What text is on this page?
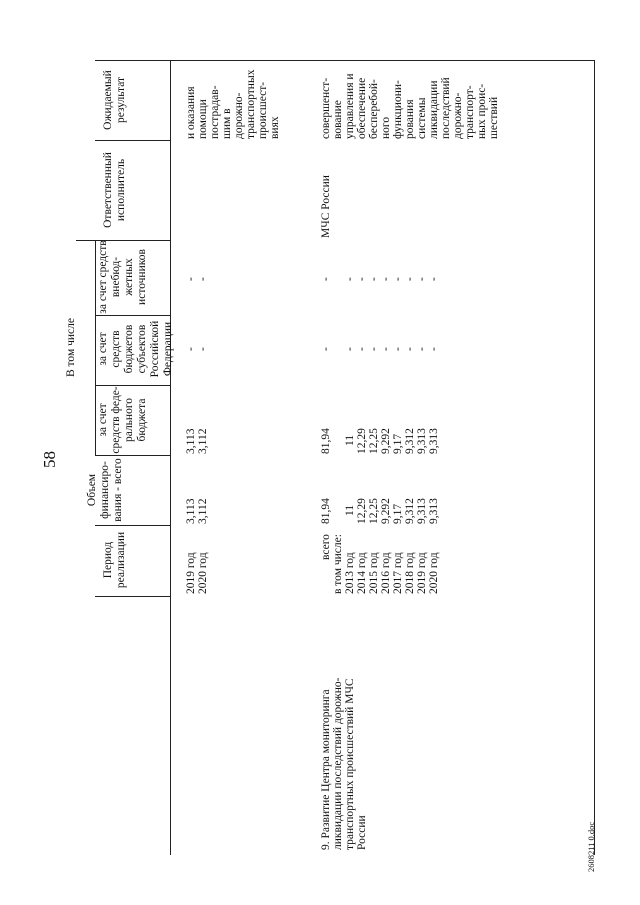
58
Ожидаемый результат
Ответственный исполнитель
Период реализации
Объем финансиро-вания - всего
В том числе
за счет средств феде-рального бюджета
за счет средств бюджетов субъектов Российской Федерации
за счет средств внебюд-жетных источников
2019 год 2020 год
3,113 3,112
3,113 3,112
- -
- -
и оказания помощи пострадав- шим в дорожно- транспортных происшест- виях
9. Развитие Центра мониторинга ликвидации последствий дорожно- транспортных происшествий МЧС России
всего в том числе: 2013 год 2014 год 2015 год 2016 год 2017 год 2018 год 2019 год 2020 год
81,94 11 12,29 12,25 9,292 9,17 9,312 9,313 9,313
81,94 11 12,29 12,25 9,292 9,17 9,312 9,313 9,313
- - - - - - - - -
- - - - - - - - -
МЧС России
совершенст- вование управления и обеспечение бесперебой- ного функциони- рования системы ликвидации последствий дорожно- транспорт- ных проис- шествий
2608211 0.doc
